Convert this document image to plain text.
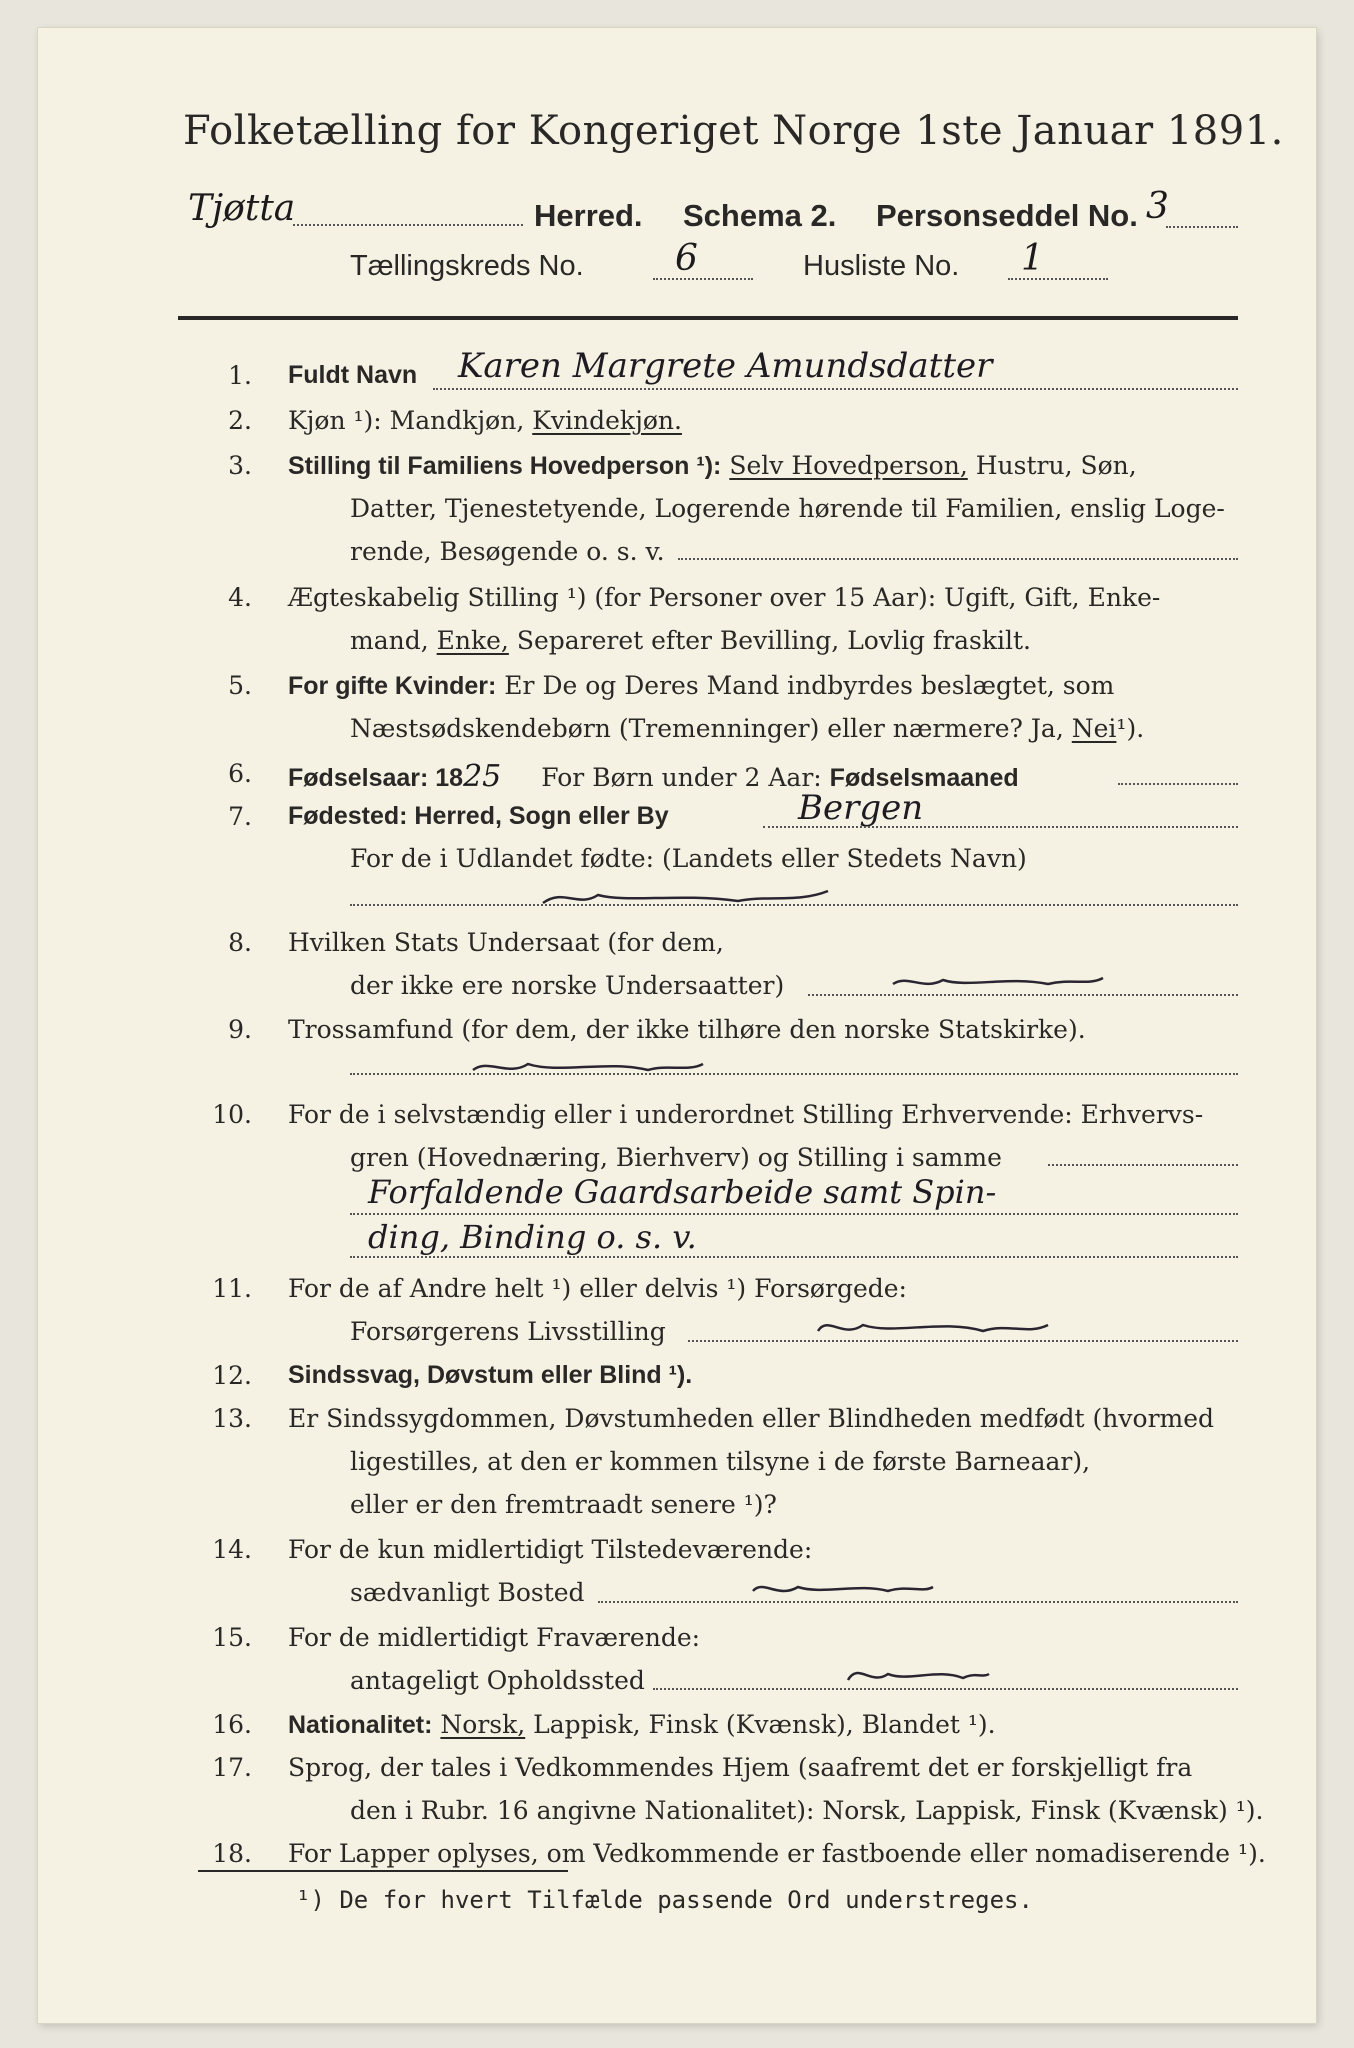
Folketælling for Kongeriget Norge 1ste Januar 1891.
Tjøtta	Herred. Schema 2. Personseddel No. 3
Tællingskreds No.	6	Husliste No. 1
1. Fuldt Navn Karen Margrete Amundsdatter
2. Kjøn ¹): Mandkjøn, Kvindekjøn.
3. Stilling til Familiens Hovedperson ¹): Selv Hovedperson, Hustru, Søn,
Datter, Tjenestetyende, Logerende hørende til Familien, enslig Loge-
rende, Besøgende o. s. v.
4. Ægteskabelig Stilling ¹) (for Personer over 15 Aar): Ugift, Gift, Enke-
mand, Enke, Separeret efter Bevilling, Lovlig fraskilt.
5. For gifte Kvinder: Er De og Deres Mand indbyrdes beslægtet, som
Næstsødskendebørn (Tremenninger) eller nærmere? Ja, Nei¹).
6. Fødselsaar: 1825 For Børn under 2 Aar: Fødselsmaaned
7. Fødested: Herred, Sogn eller By	Bergen
For de i Udlandet fødte: (Landets eller Stedets Navn)
8. Hvilken Stats Undersaat (for dem,
der ikke ere norske Undersaatter)
9. Trossamfund (for dem, der ikke tilhøre den norske Statskirke).
10. For de i selvstændig eller i underordnet Stilling Erhvervende: Erhvervs-
gren (Hovednæring, Bierhverv) og Stilling i samme
Forfaldende Gaardsarbeide samt Spin-
ding, Binding o. s. v.
11. For de af Andre helt ¹) eller delvis ¹) Forsørgede:
Forsørgerens Livsstilling
12. Sindssvag, Døvstum eller Blind ¹).
13. Er Sindssygdommen, Døvstumheden eller Blindheden medfødt (hvormed
ligestilles, at den er kommen tilsyne i de første Barneaar),
eller er den fremtraadt senere ¹)?
14. For de kun midlertidigt Tilstedeværende:
sædvanligt Bosted
15. For de midlertidigt Fraværende:
antageligt Opholdssted
16. Nationalitet: Norsk, Lappisk, Finsk (Kvænsk), Blandet ¹).
17. Sprog, der tales i Vedkommendes Hjem (saafremt det er forskjelligt fra
den i Rubr. 16 angivne Nationalitet): Norsk, Lappisk, Finsk (Kvænsk) ¹).
18. For Lapper oplyses, om Vedkommende er fastboende eller nomadiserende ¹).
¹) De for hvert Tilfælde passende Ord understreges.
